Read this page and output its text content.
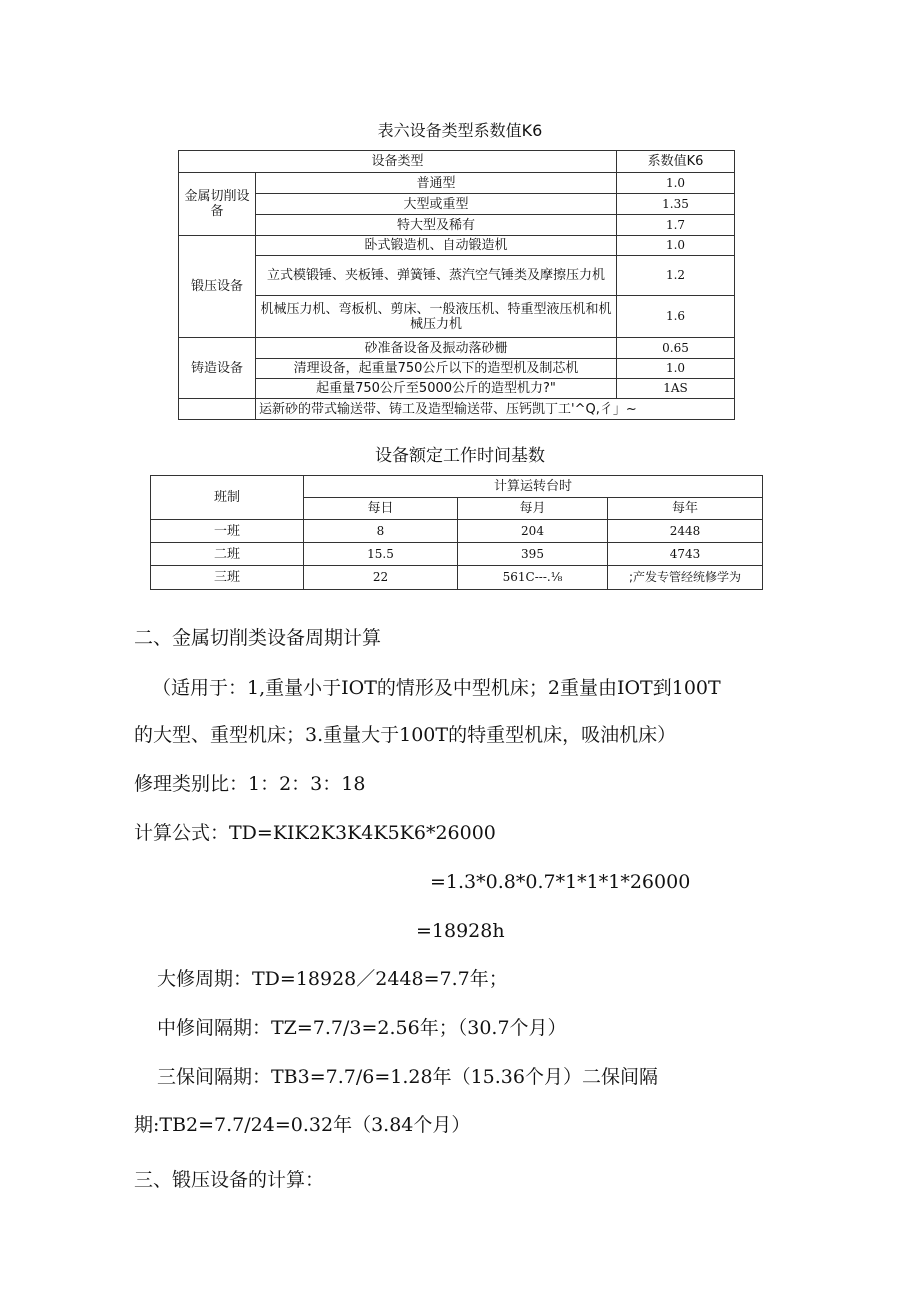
表六设备类型系数值K6
设备类型		系数值K6
金属切削设备	普通型	1.0
	大型或重型	1.35
	特大型及稀有	1.7
锻压设备	卧式锻造机、自动锻造机	1.0
	立式模锻锤、夹板锤、弹簧锤、蒸汽空气锤类及摩擦压力机	1.2
	机械压力机、弯板机、剪床、一般液压机、特重型液压机和机械压力机	1.6
铸造设备	砂准备设备及振动落砂栅	0.65
	清理设备，起重量750公斤以下的造型机及制芯机	1.0
	起重量750公斤至5000公斤的造型机力?"	1AS
	运新砂的带式输送带、铸工及造型输送带、压钙凯丁工'^Q,彳」~	
设备额定工作时间基数
班制	计算运转台时		
	每日	每月	每年
一班	8	204	2448
二班	15.5	395	4743
三班	22	561C---.⅛	;产发专管经统修学为
二、金属切削类设备周期计算
（适用于：1,重量小于IOT的情形及中型机床；2重量由IOT到100T
的大型、重型机床；3.重量大于100T的特重型机床，吸油机床）
修理类别比：1：2：3：18
计算公式：TD=KIK2K3K4K5K6*26000
=1.3*0.8*0.7*1*1*1*26000
=18928h
大修周期：TD=18928／2448=7.7年；
中修间隔期：TZ=7.7/3=2.56年；（30.7个月）
三保间隔期：TB3=7.7/6=1.28年（15.36个月）二保间隔
期:TB2=7.7/24=0.32年（3.84个月）
三、锻压设备的计算：
